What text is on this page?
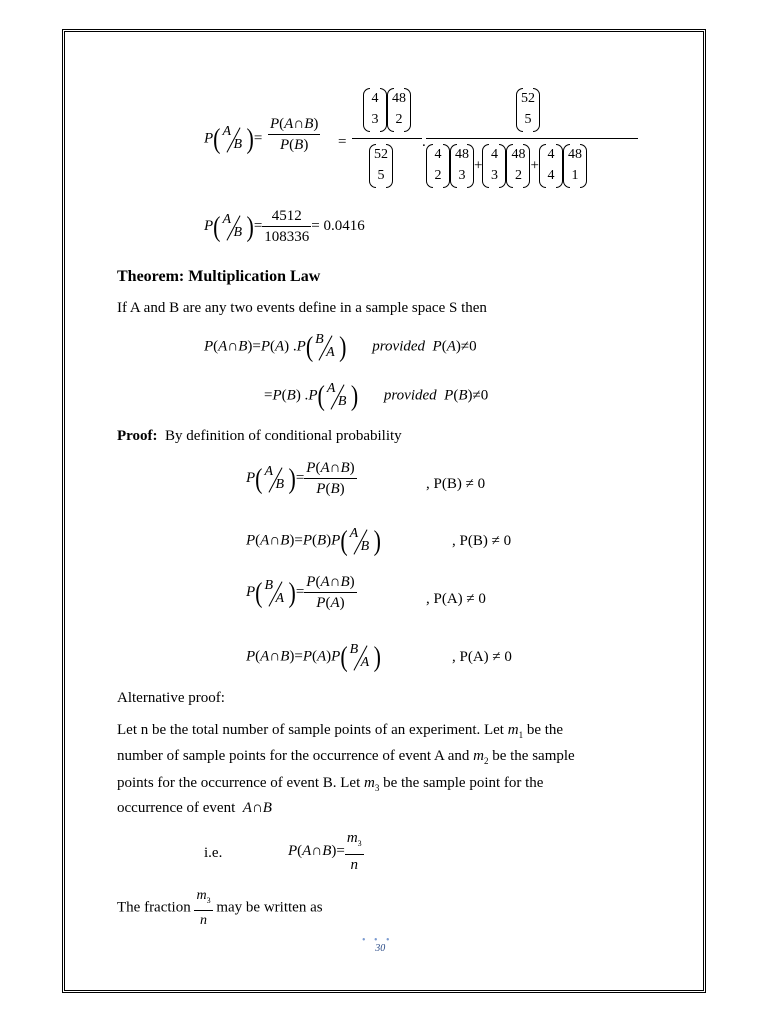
P( A
B )= $\frac{P(A\cap B)}{P(B)}$ =
4
3
48
2
52
5
.
52
5
4
2
48
3
+
4
3
48
2
+
4
4
48
1
P( A
B )= $\frac{4512}{108336} = 0.0416$
Theorem: Multiplication Law
If A and B are any two events define in a sample space S then
P(A∩B)=P(A) .P( B
A ) provided P(A)≠0
=P(B) .P( A
B ) provided P(B)≠0
Proof: By definition of conditional probability
P( A
B )= $\frac{P(A\cap B)}{P(B)}$	, P(B) ≠ 0
P(A∩B)=P(B)P( A
B )	, P(B) ≠ 0
P( B
A )= $\frac{P(A\cap B)}{P(A)}$	, P(A) ≠ 0
P(A∩B)=P(A)P( B
A )	, P(A) ≠ 0
Alternative proof:
Let n be the total number of sample points of an experiment. Let $m_1$ be the
number of sample points for the occurrence of event A and $m_2$ be the sample
points for the occurrence of event B. Let $m_3$ be the sample point for the
occurrence of event A∩B
i.e.	P(A∩B)= $\frac{m_3}{n}$
The fraction $\frac{m_3}{n}$ may be written as
• • •
30
